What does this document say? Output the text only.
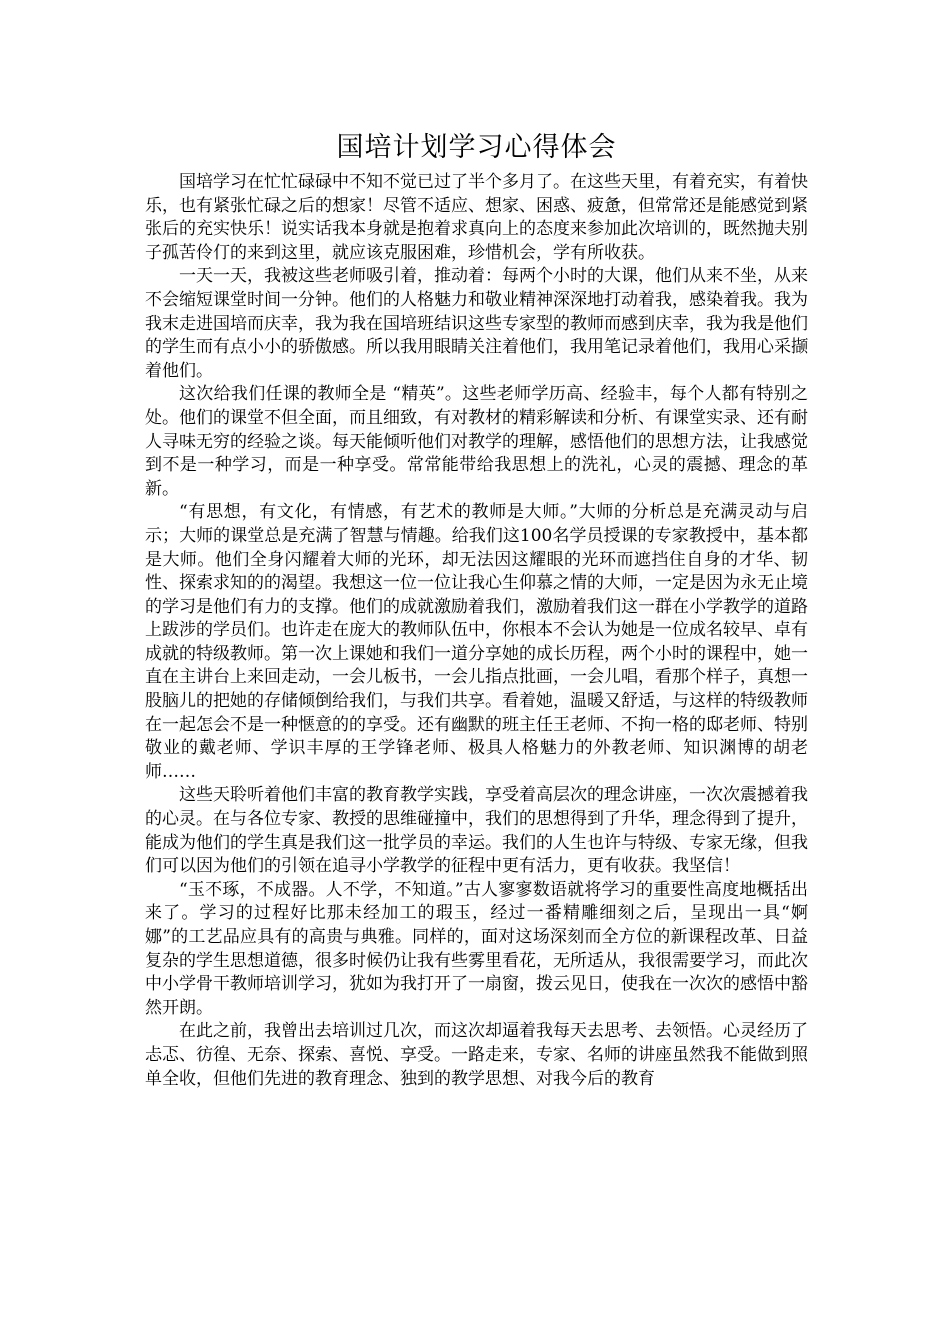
国培计划学习心得体会

国培学习在忙忙碌碌中不知不觉已过了半个多月了。在这些天里，有着充实，有着快乐，也有紧张忙碌之后的想家！尽管不适应、想家、困惑、疲惫，但常常还是能感觉到紧张后的充实快乐！说实话我本身就是抱着求真向上的态度来参加此次培训的，既然抛夫别子孤苦伶仃的来到这里，就应该克服困难，珍惜机会，学有所收获。

一天一天，我被这些老师吸引着，推动着：每两个小时的大课，他们从来不坐，从来不会缩短课堂时间一分钟。他们的人格魅力和敬业精神深深地打动着我，感染着我。我为我末走进国培而庆幸，我为我在国培班结识这些专家型的教师而感到庆幸，我为我是他们的学生而有点小小的骄傲感。所以我用眼睛关注着他们，我用笔记录着他们，我用心采撷着他们。

这次给我们任课的教师全是 “精英”。这些老师学历高、经验丰，每个人都有特别之处。他们的课堂不但全面，而且细致，有对教材的精彩解读和分析、有课堂实录、还有耐人寻味无穷的经验之谈。每天能倾听他们对教学的理解，感悟他们的思想方法，让我感觉到不是一种学习，而是一种享受。常常能带给我思想上的洗礼，心灵的震撼、理念的革新。

“有思想，有文化，有情感，有艺术的教师是大师。”大师的分析总是充满灵动与启示；大师的课堂总是充满了智慧与情趣。给我们这100名学员授课的专家教授中，基本都是大师。他们全身闪耀着大师的光环，却无法因这耀眼的光环而遮挡住自身的才华、韧性、探索求知的的渴望。我想这一位一位让我心生仰慕之情的大师，一定是因为永无止境的学习是他们有力的支撑。他们的成就激励着我们，激励着我们这一群在小学教学的道路上跋涉的学员们。也许走在庞大的教师队伍中，你根本不会认为她是一位成名较早、卓有成就的特级教师。第一次上课她和我们一道分享她的成长历程，两个小时的课程中，她一直在主讲台上来回走动，一会儿板书，一会儿指点批画，一会儿唱，看那个样子，真想一股脑儿的把她的存储倾倒给我们，与我们共享。看着她，温暖又舒适，与这样的特级教师在一起怎会不是一种惬意的的享受。还有幽默的班主任王老师、不拘一格的邸老师、特别敬业的戴老师、学识丰厚的王学锋老师、极具人格魅力的外教老师、知识渊博的胡老师……

这些天聆听着他们丰富的教育教学实践，享受着高层次的理念讲座，一次次震撼着我的心灵。在与各位专家、教授的思维碰撞中，我们的思想得到了升华，理念得到了提升，能成为他们的学生真是我们这一批学员的幸运。我们的人生也许与特级、专家无缘，但我们可以因为他们的引领在追寻小学教学的征程中更有活力，更有收获。我坚信！

“玉不琢，不成器。人不学，不知道。”古人寥寥数语就将学习的重要性高度地概括出来了。学习的过程好比那未经加工的瑕玉，经过一番精雕细刻之后，呈现出一具“婀娜”的工艺品应具有的高贵与典雅。同样的，面对这场深刻而全方位的新课程改革、日益复杂的学生思想道德，很多时候仍让我有些雾里看花，无所适从，我很需要学习，而此次中小学骨干教师培训学习，犹如为我打开了一扇窗，拨云见日，使我在一次次的感悟中豁然开朗。

在此之前，我曾出去培训过几次，而这次却逼着我每天去思考、去领悟。心灵经历了忐忑、彷徨、无奈、探索、喜悦、享受。一路走来，专家、名师的讲座虽然我不能做到照单全收，但他们先进的教育理念、独到的教学思想、对我今后的教育
